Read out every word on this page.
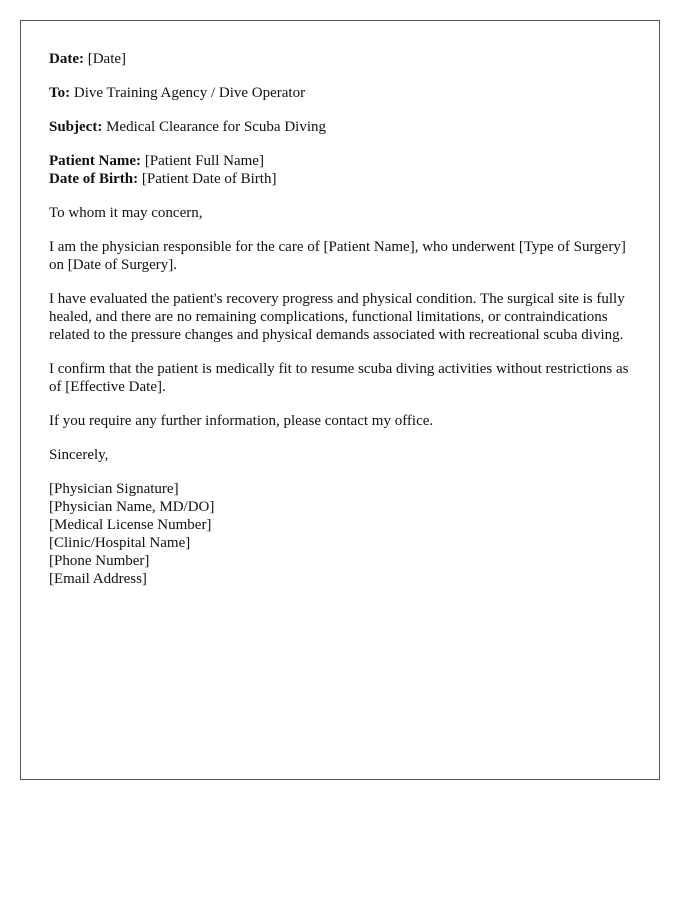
Date: [Date]

To: Dive Training Agency / Dive Operator

Subject: Medical Clearance for Scuba Diving

Patient Name: [Patient Full Name]
Date of Birth: [Patient Date of Birth]

To whom it may concern,

I am the physician responsible for the care of [Patient Name], who underwent [Type of Surgery] on [Date of Surgery].

I have evaluated the patient's recovery progress and physical condition. The surgical site is fully healed, and there are no remaining complications, functional limitations, or contraindications related to the pressure changes and physical demands associated with recreational scuba diving.

I confirm that the patient is medically fit to resume scuba diving activities without restrictions as of [Effective Date].

If you require any further information, please contact my office.

Sincerely,

[Physician Signature]
[Physician Name, MD/DO]
[Medical License Number]
[Clinic/Hospital Name]
[Phone Number]
[Email Address]
